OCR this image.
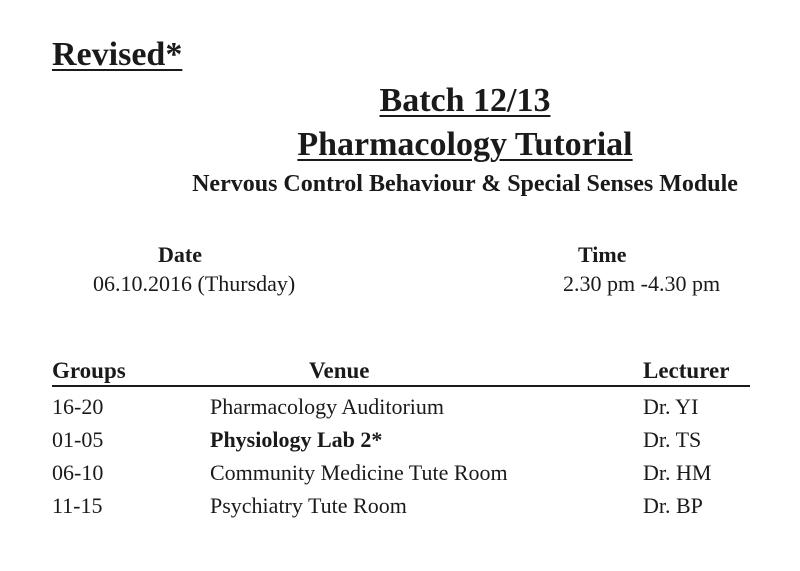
Revised*
Batch 12/13
Pharmacology Tutorial
Nervous Control Behaviour & Special Senses Module
Date
06.10.2016 (Thursday)
Time
2.30 pm -4.30 pm
Groups	Venue	Lecturer
16-20	Pharmacology Auditorium	Dr. YI
01-05	Physiology Lab 2*	Dr. TS
06-10	Community Medicine Tute Room	Dr. HM
11-15	Psychiatry Tute Room	Dr. BP
